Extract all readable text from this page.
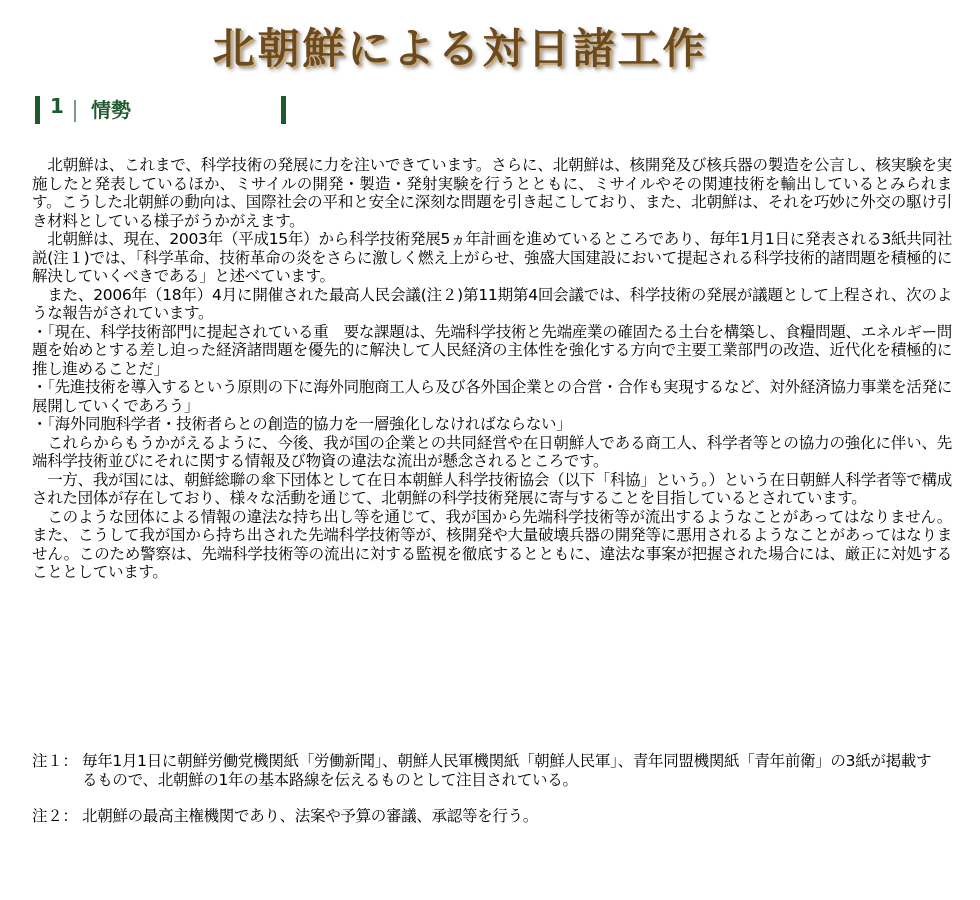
北朝鮮による対日諸工作
1 情勢

　北朝鮮は、これまで、科学技術の発展に力を注いできています。さらに、北朝鮮は、核開発及び核兵器の製造を公言し、核実験を実施したと発表しているほか、ミサイルの開発・製造・発射実験を行うとともに、ミサイルやその関連技術を輸出しているとみられます。こうした北朝鮮の動向は、国際社会の平和と安全に深刻な問題を引き起こしており、また、北朝鮮は、それを巧妙に外交の駆け引き材料としている様子がうかがえます。

　北朝鮮は、現在、2003年（平成15年）から科学技術発展5ヵ年計画を進めているところであり、毎年1月1日に発表される3紙共同社説(注１)では、「科学革命、技術革命の炎をさらに激しく燃え上がらせ、強盛大国建設において提起される科学技術的諸問題を積極的に解決していくべきである」と述べています。

　また、2006年（18年）4月に開催された最高人民会議(注２)第11期第4回会議では、科学技術の発展が議題として上程され、次のような報告がされています。

・「現在、科学技術部門に提起されている重　要な課題は、先端科学技術と先端産業の確固たる土台を構築し、食糧問題、エネルギー問題を始めとする差し迫った経済諸問題を優先的に解決して人民経済の主体性を強化する方向で主要工業部門の改造、近代化を積極的に推し進めることだ」

・「先進技術を導入するという原則の下に海外同胞商工人ら及び各外国企業との合営・合作も実現するなど、対外経済協力事業を活発に展開していくであろう」

・「海外同胞科学者・技術者らとの創造的協力を一層強化しなければならない」

　これらからもうかがえるように、今後、我が国の企業との共同経営や在日朝鮮人である商工人、科学者等との協力の強化に伴い、先端科学技術並びにそれに関する情報及び物資の違法な流出が懸念されるところです。

　一方、我が国には、朝鮮総聯の傘下団体として在日本朝鮮人科学技術協会（以下「科協」という。）という在日朝鮮人科学者等で構成された団体が存在しており、様々な活動を通じて、北朝鮮の科学技術発展に寄与することを目指しているとされています。

　このような団体による情報の違法な持ち出し等を通じて、我が国から先端科学技術等が流出するようなことがあってはなりません。また、こうして我が国から持ち出された先端科学技術等が、核開発や大量破壊兵器の開発等に悪用されるようなことがあってはなりません。このため警察は、先端科学技術等の流出に対する監視を徹底するとともに、違法な事案が把握された場合には、厳正に対処することとしています。

注１： 毎年1月1日に朝鮮労働党機関紙「労働新聞」、朝鮮人民軍機関紙「朝鮮人民軍」、青年同盟機関紙「青年前衛」の3紙が掲載するもので、北朝鮮の1年の基本路線を伝えるものとして注目されている。
注２： 北朝鮮の最高主権機関であり、法案や予算の審議、承認等を行う。
